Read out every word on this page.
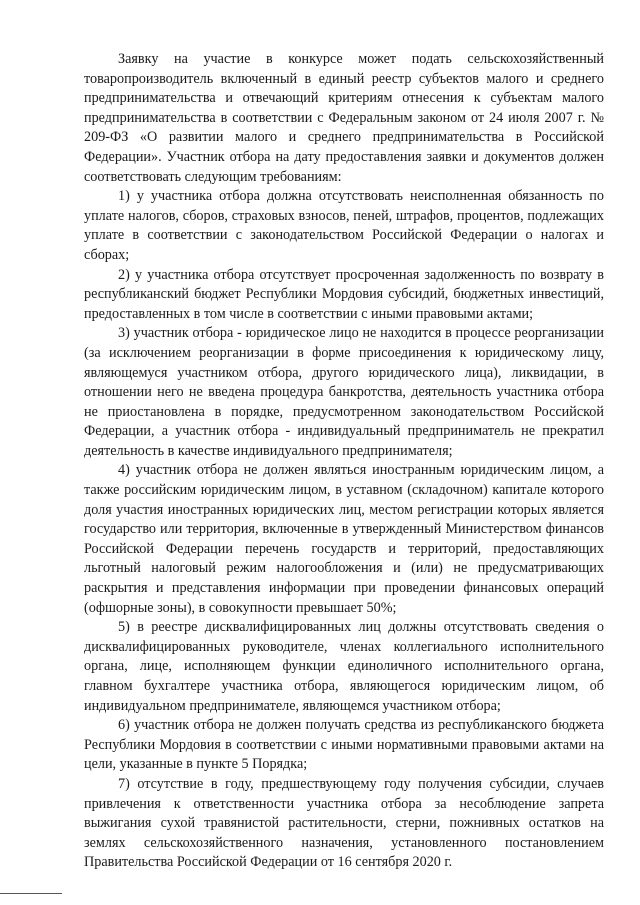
Заявку на участие в конкурсе может подать сельскохозяйственный товаропроизводитель включенный в единый реестр субъектов малого и среднего предпринимательства и отвечающий критериям отнесения к субъектам малого предпринимательства в соответствии с Федеральным законом от 24 июля 2007 г. № 209-ФЗ «О развитии малого и среднего предпринимательства в Российской Федерации». Участник отбора на дату предоставления заявки и документов должен соответствовать следующим требованиям:

1) у участника отбора должна отсутствовать неисполненная обязанность по уплате налогов, сборов, страховых взносов, пеней, штрафов, процентов, подлежащих уплате в соответствии с законодательством Российской Федерации о налогах и сборах;

2) у участника отбора отсутствует просроченная задолженность по возврату в республиканский бюджет Республики Мордовия субсидий, бюджетных инвестиций, предоставленных в том числе в соответствии с иными правовыми актами;

3) участник отбора - юридическое лицо не находится в процессе реорганизации (за исключением реорганизации в форме присоединения к юридическому лицу, являющемуся участником отбора, другого юридического лица), ликвидации, в отношении него не введена процедура банкротства, деятельность участника отбора не приостановлена в порядке, предусмотренном законодательством Российской Федерации, а участник отбора - индивидуальный предприниматель не прекратил деятельность в качестве индивидуального предпринимателя;

4) участник отбора не должен являться иностранным юридическим лицом, а также российским юридическим лицом, в уставном (складочном) капитале которого доля участия иностранных юридических лиц, местом регистрации которых является государство или территория, включенные в утвержденный Министерством финансов Российской Федерации перечень государств и территорий, предоставляющих льготный налоговый режим налогообложения и (или) не предусматривающих раскрытия и представления информации при проведении финансовых операций (офшорные зоны), в совокупности превышает 50%;

5) в реестре дисквалифицированных лиц должны отсутствовать сведения о дисквалифицированных руководителе, членах коллегиального исполнительного органа, лице, исполняющем функции единоличного исполнительного органа, главном бухгалтере участника отбора, являющегося юридическим лицом, об индивидуальном предпринимателе, являющемся участником отбора;

6) участник отбора не должен получать средства из республиканского бюджета Республики Мордовия в соответствии с иными нормативными правовыми актами на цели, указанные в пункте 5 Порядка;

7) отсутствие в году, предшествующему году получения субсидии, случаев привлечения к ответственности участника отбора за несоблюдение запрета выжигания сухой травянистой растительности, стерни, пожнивных остатков на землях сельскохозяйственного назначения, установленного постановлением Правительства Российской Федерации от 16 сентября 2020 г.
